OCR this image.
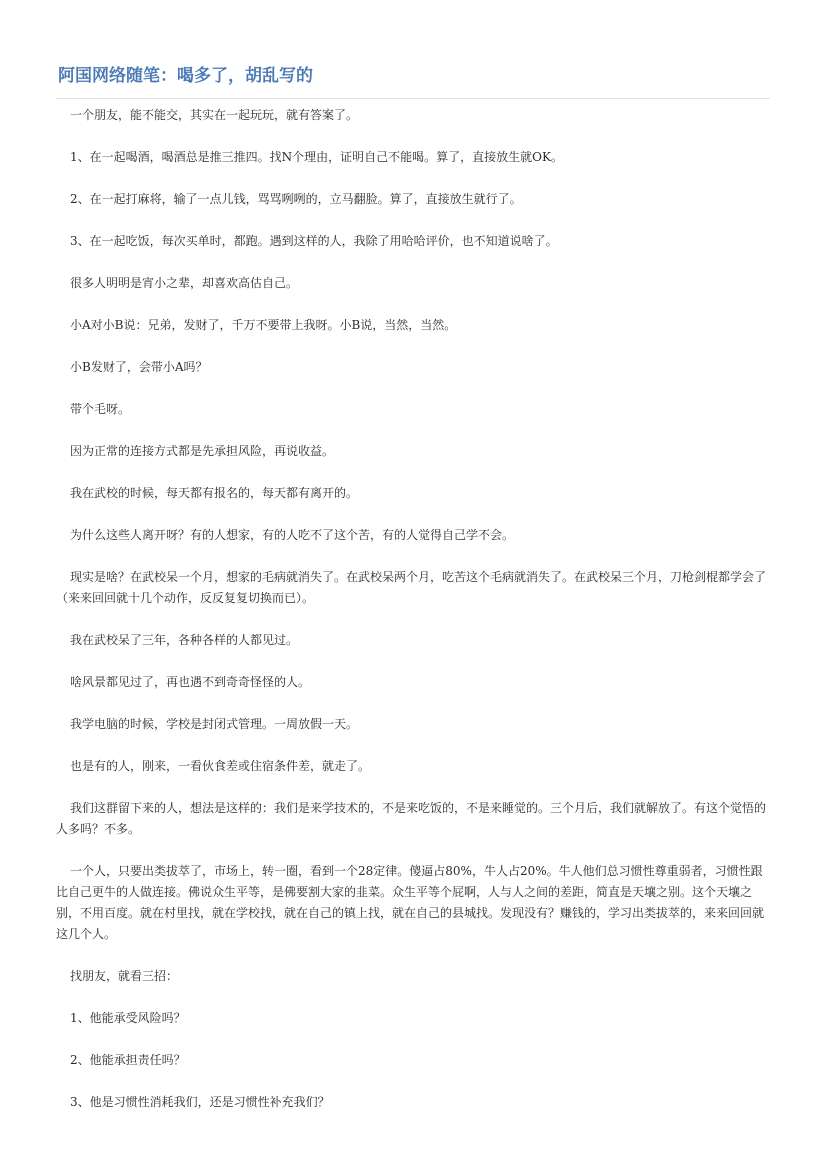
阿国网络随笔：喝多了，胡乱写的

一个朋友，能不能交，其实在一起玩玩，就有答案了。

1、在一起喝酒，喝酒总是推三推四。找N个理由，证明自己不能喝。算了，直接放生就OK。

2、在一起打麻将，输了一点儿钱，骂骂咧咧的，立马翻脸。算了，直接放生就行了。

3、在一起吃饭，每次买单时，都跑。遇到这样的人，我除了用哈哈评价，也不知道说啥了。

很多人明明是宵小之辈，却喜欢高估自己。

小A对小B说：兄弟，发财了，千万不要带上我呀。小B说，当然，当然。

小B发财了，会带小A吗？

带个毛呀。

因为正常的连接方式都是先承担风险，再说收益。

我在武校的时候，每天都有报名的，每天都有离开的。

为什么这些人离开呀？有的人想家，有的人吃不了这个苦，有的人觉得自己学不会。

现实是啥？在武校呆一个月，想家的毛病就消失了。在武校呆两个月，吃苦这个毛病就消失了。在武校呆三个月，刀枪剑棍都学会了（来来回回就十几个动作，反反复复切换而已）。

我在武校呆了三年，各种各样的人都见过。

啥风景都见过了，再也遇不到奇奇怪怪的人。

我学电脑的时候，学校是封闭式管理。一周放假一天。

也是有的人，刚来，一看伙食差或住宿条件差，就走了。

我们这群留下来的人，想法是这样的：我们是来学技术的，不是来吃饭的，不是来睡觉的。三个月后，我们就解放了。有这个觉悟的人多吗？不多。

一个人，只要出类拔萃了，市场上，转一圈，看到一个28定律。傻逼占80%，牛人占20%。牛人他们总习惯性尊重弱者，习惯性跟比自己更牛的人做连接。佛说众生平等，是佛要割大家的韭菜。众生平等个屁啊，人与人之间的差距，简直是天壤之别。这个天壤之别，不用百度。就在村里找，就在学校找，就在自己的镇上找，就在自己的县城找。发现没有？赚钱的，学习出类拔萃的，来来回回就这几个人。

找朋友，就看三招：

1、他能承受风险吗？

2、他能承担责任吗？

3、他是习惯性消耗我们，还是习惯性补充我们？
